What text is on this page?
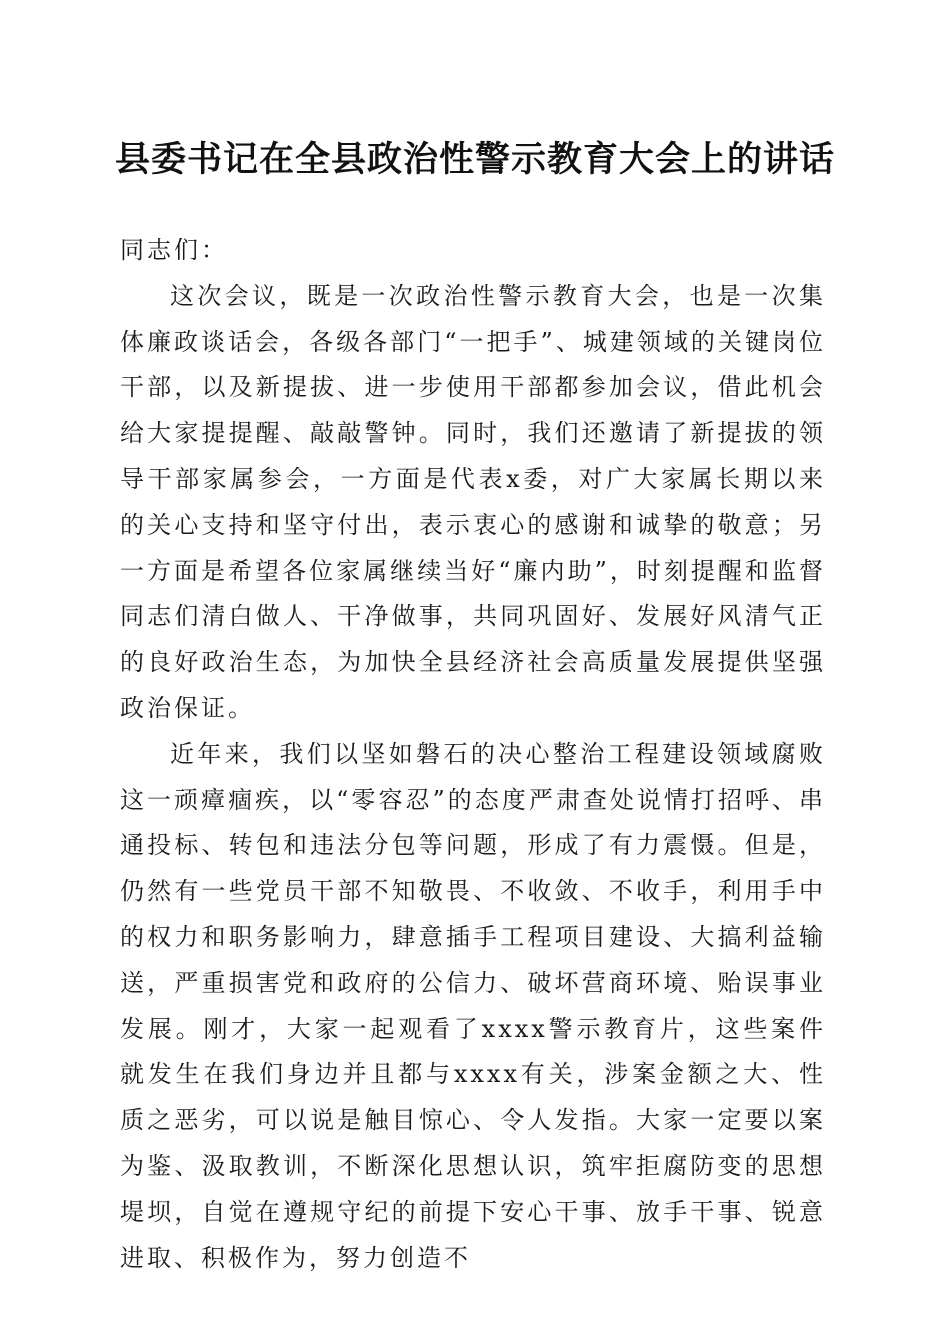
县委书记在全县政治性警示教育大会上的讲话

同志们：

这次会议，既是一次政治性警示教育大会，也是一次集体廉政谈话会，各级各部门“一把手”、城建领域的关键岗位干部，以及新提拔、进一步使用干部都参加会议，借此机会给大家提提醒、敲敲警钟。同时，我们还邀请了新提拔的领导干部家属参会，一方面是代表x委，对广大家属长期以来的关心支持和坚守付出，表示衷心的感谢和诚挚的敬意；另一方面是希望各位家属继续当好“廉内助”，时刻提醒和监督同志们清白做人、干净做事，共同巩固好、发展好风清气正的良好政治生态，为加快全县经济社会高质量发展提供坚强政治保证。

近年来，我们以坚如磐石的决心整治工程建设领域腐败这一顽瘴痼疾，以“零容忍”的态度严肃查处说情打招呼、串通投标、转包和违法分包等问题，形成了有力震慑。但是，仍然有一些党员干部不知敬畏、不收敛、不收手，利用手中的权力和职务影响力，肆意插手工程项目建设、大搞利益输送，严重损害党和政府的公信力、破坏营商环境、贻误事业发展。刚才，大家一起观看了xxxx警示教育片，这些案件就发生在我们身边并且都与xxxx有关，涉案金额之大、性质之恶劣，可以说是触目惊心、令人发指。大家一定要以案为鉴、汲取教训，不断深化思想认识，筑牢拒腐防变的思想堤坝，自觉在遵规守纪的前提下安心干事、放手干事、锐意进取、积极作为，努力创造不
